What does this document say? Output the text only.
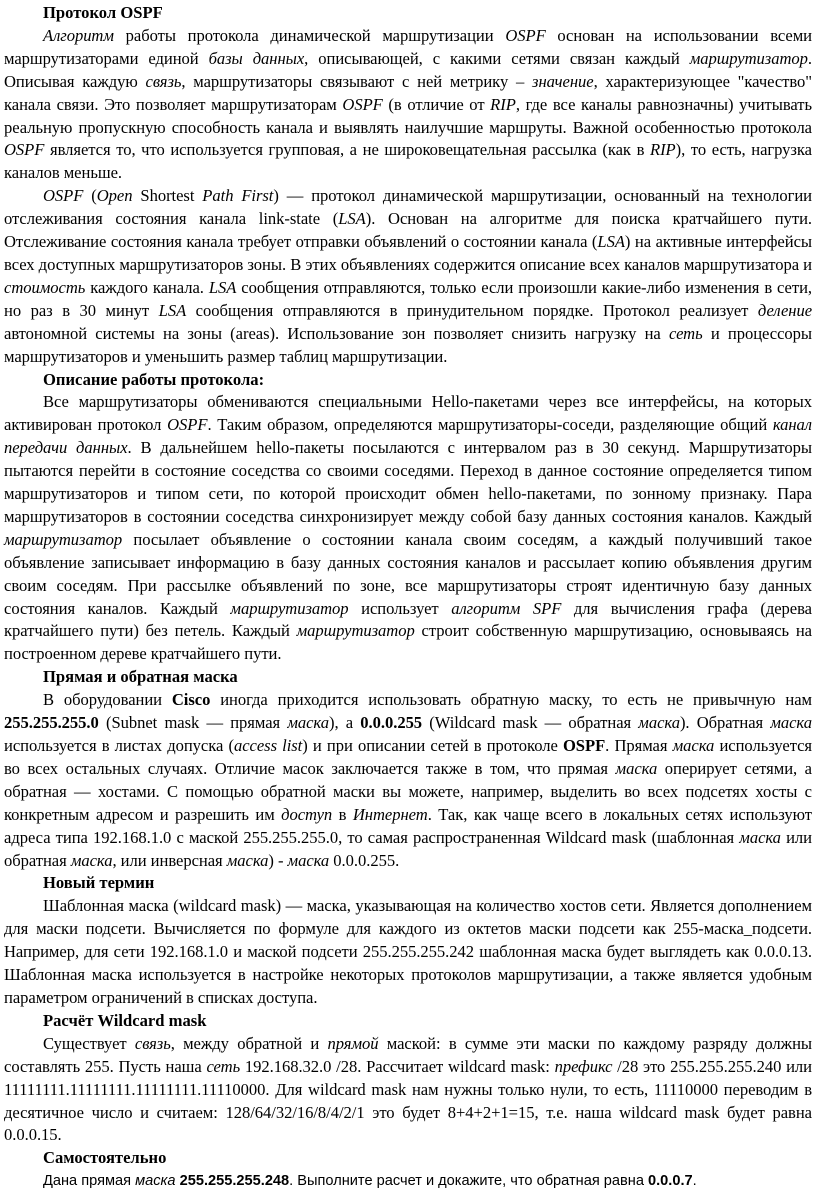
Протокол OSPF

Алгоритм работы протокола динамической маршрутизации OSPF основан на использовании всеми маршрутизаторами единой базы данных, описывающей, с какими сетями связан каждый маршрутизатор. Описывая каждую связь, маршрутизаторы связывают с ней метрику – значение, характеризующее "качество" канала связи. Это позволяет маршрутизаторам OSPF (в отличие от RIP, где все каналы равнозначны) учитывать реальную пропускную способность канала и выявлять наилучшие маршруты. Важной особенностью протокола OSPF является то, что используется групповая, а не широковещательная рассылка (как в RIP), то есть, нагрузка каналов меньше.

OSPF (Open Shortest Path First) — протокол динамической маршрутизации, основанный на технологии отслеживания состояния канала link-state (LSA). Основан на алгоритме для поиска кратчайшего пути. Отслеживание состояния канала требует отправки объявлений о состоянии канала (LSA) на активные интерфейсы всех доступных маршрутизаторов зоны. В этих объявлениях содержится описание всех каналов маршрутизатора и стоимость каждого канала. LSA сообщения отправляются, только если произошли какие-либо изменения в сети, но раз в 30 минут LSA сообщения отправляются в принудительном порядке. Протокол реализует деление автономной системы на зоны (areas). Использование зон позволяет снизить нагрузку на сеть и процессоры маршрутизаторов и уменьшить размер таблиц маршрутизации.

Описание работы протокола:

Все маршрутизаторы обмениваются специальными Hello-пакетами через все интерфейсы, на которых активирован протокол OSPF. Таким образом, определяются маршрутизаторы-соседи, разделяющие общий канал передачи данных. В дальнейшем hello-пакеты посылаются с интервалом раз в 30 секунд. Маршрутизаторы пытаются перейти в состояние соседства со своими соседями. Переход в данное состояние определяется типом маршрутизаторов и типом сети, по которой происходит обмен hello-пакетами, по зонному признаку. Пара маршрутизаторов в состоянии соседства синхронизирует между собой базу данных состояния каналов. Каждый маршрутизатор посылает объявление о состоянии канала своим соседям, а каждый получивший такое объявление записывает информацию в базу данных состояния каналов и рассылает копию объявления другим своим соседям. При рассылке объявлений по зоне, все маршрутизаторы строят идентичную базу данных состояния каналов. Каждый маршрутизатор использует алгоритм SPF для вычисления графа (дерева кратчайшего пути) без петель. Каждый маршрутизатор строит собственную маршрутизацию, основываясь на построенном дереве кратчайшего пути.

Прямая и обратная маска

В оборудовании Cisco иногда приходится использовать обратную маску, то есть не привычную нам 255.255.255.0 (Subnet mask — прямая маска), а 0.0.0.255 (Wildcard mask — обратная маска). Обратная маска используется в листах допуска (access list) и при описании сетей в протоколе OSPF. Прямая маска используется во всех остальных случаях. Отличие масок заключается также в том, что прямая маска оперирует сетями, а обратная — хостами. С помощью обратной маски вы можете, например, выделить во всех подсетях хосты с конкретным адресом и разрешить им доступ в Интернет. Так, как чаще всего в локальных сетях используют адреса типа 192.168.1.0 с маской 255.255.255.0, то самая распространенная Wildcard mask (шаблонная маска или обратная маска, или инверсная маска) - маска 0.0.0.255.

Новый термин

Шаблонная маска (wildcard mask) — маска, указывающая на количество хостов сети. Является дополнением для маски подсети. Вычисляется по формуле для каждого из октетов маски подсети как 255-маска_подсети. Например, для сети 192.168.1.0 и маской подсети 255.255.255.242 шаблонная маска будет выглядеть как 0.0.0.13. Шаблонная маска используется в настройке некоторых протоколов маршрутизации, а также является удобным параметром ограничений в списках доступа.

Расчёт Wildcard mask

Существует связь, между обратной и прямой маской: в сумме эти маски по каждому разряду должны составлять 255. Пусть наша сеть 192.168.32.0 /28. Рассчитает wildcard mask: префикс /28 это 255.255.255.240 или 11111111.11111111.11111111.11110000. Для wildcard mask нам нужны только нули, то есть, 11110000 переводим в десятичное число и считаем: 128/64/32/16/8/4/2/1 это будет 8+4+2+1=15, т.е. наша wildcard mask будет равна 0.0.0.15.

Самостоятельно

Дана прямая маска 255.255.255.248. Выполните расчет и докажите, что обратная равна 0.0.0.7.
